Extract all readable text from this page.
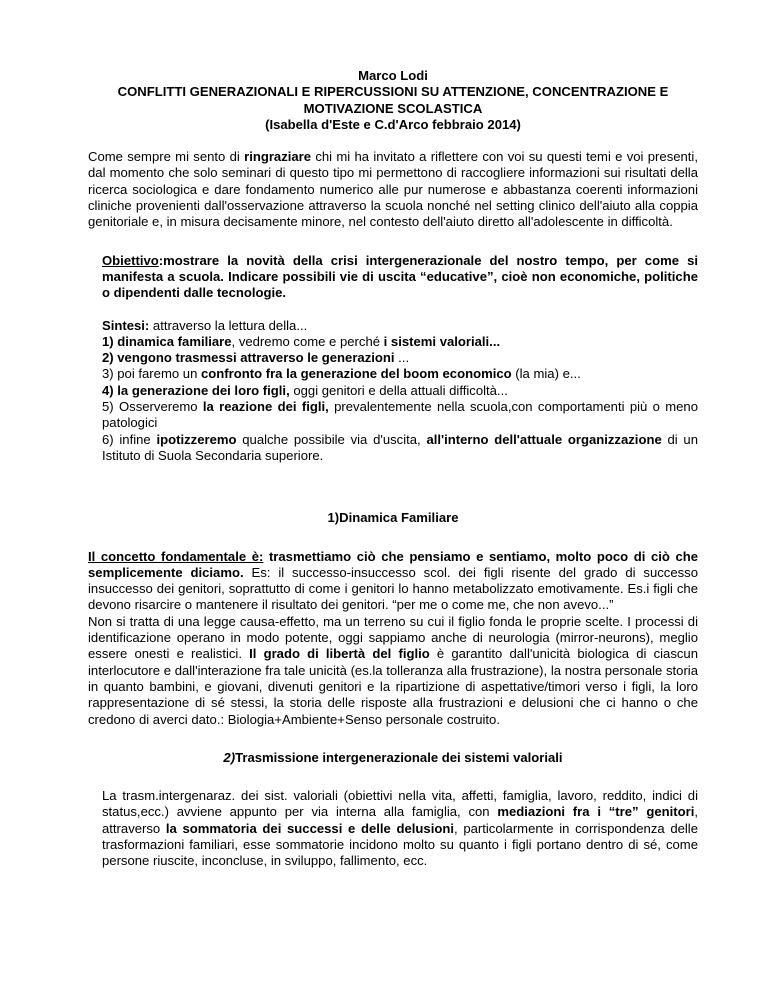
Marco Lodi

CONFLITTI GENERAZIONALI E RIPERCUSSIONI SU ATTENZIONE, CONCENTRAZIONE E

MOTIVAZIONE SCOLASTICA

(Isabella d'Este e C.d'Arco febbraio 2014)

Come sempre mi sento di ringraziare chi mi ha invitato a riflettere con voi su questi temi e voi presenti, dal momento che solo seminari di questo tipo mi permettono di raccogliere informazioni sui risultati della ricerca sociologica e dare fondamento numerico alle pur numerose e abbastanza coerenti informazioni cliniche provenienti dall'osservazione attraverso la scuola nonché nel setting clinico dell'aiuto alla coppia genitoriale e, in misura decisamente minore, nel contesto dell'aiuto diretto all'adolescente in difficoltà.

Obiettivo:mostrare la novità della crisi intergenerazionale del nostro tempo, per come si manifesta a scuola. Indicare possibili vie di uscita “educative”, cioè non economiche, politiche o dipendenti dalle tecnologie.

Sintesi: attraverso la lettura della...

1) dinamica familiare, vedremo come e perché i sistemi valoriali...

2) vengono trasmessi attraverso le generazioni ...

3) poi faremo un confronto fra la generazione del boom economico (la mia) e...

4) la generazione dei loro figli, oggi genitori e della attuali difficoltà...

5) Osserveremo la reazione dei figli, prevalentemente nella scuola,con comportamenti più o meno patologici

6) infine ipotizzeremo qualche possibile via d'uscita, all'interno dell'attuale organizzazione di un Istituto di Suola Secondaria superiore.

1)Dinamica Familiare

Il concetto fondamentale è: trasmettiamo ciò che pensiamo e sentiamo, molto poco di ciò che semplicemente diciamo. Es: il successo-insuccesso scol. dei figli risente del grado di successo insuccesso dei genitori, soprattutto di come i genitori lo hanno metabolizzato emotivamente. Es.i figli che devono risarcire o mantenere il risultato dei genitori. “per me o come me, che non avevo...”

Non si tratta di una legge causa-effetto, ma un terreno su cui il figlio fonda le proprie scelte. I processi di identificazione operano in modo potente, oggi sappiamo anche di neurologia (mirror-neurons), meglio essere onesti e realistici. Il grado di libertà del figlio è garantito dall'unicità biologica di ciascun interlocutore e dall'interazione fra tale unicità (es.la tolleranza alla frustrazione), la nostra personale storia in quanto bambini, e giovani, divenuti genitori e la ripartizione di aspettative/timori verso i figli, la loro rappresentazione di sé stessi, la storia delle risposte alla frustrazioni e delusioni che ci hanno o che credono di averci dato.: Biologia+Ambiente+Senso personale costruito.

2)Trasmissione intergenerazionale dei sistemi valoriali

La trasm.intergenaraz. dei sist. valoriali (obiettivi nella vita, affetti, famiglia, lavoro, reddito, indici di status,ecc.) avviene appunto per via interna alla famiglia, con mediazioni fra i “tre” genitori, attraverso la sommatoria dei successi e delle delusioni, particolarmente in corrispondenza delle trasformazioni familiari, esse sommatorie incidono molto su quanto i figli portano dentro di sé, come persone riuscite, inconcluse, in sviluppo, fallimento, ecc.
